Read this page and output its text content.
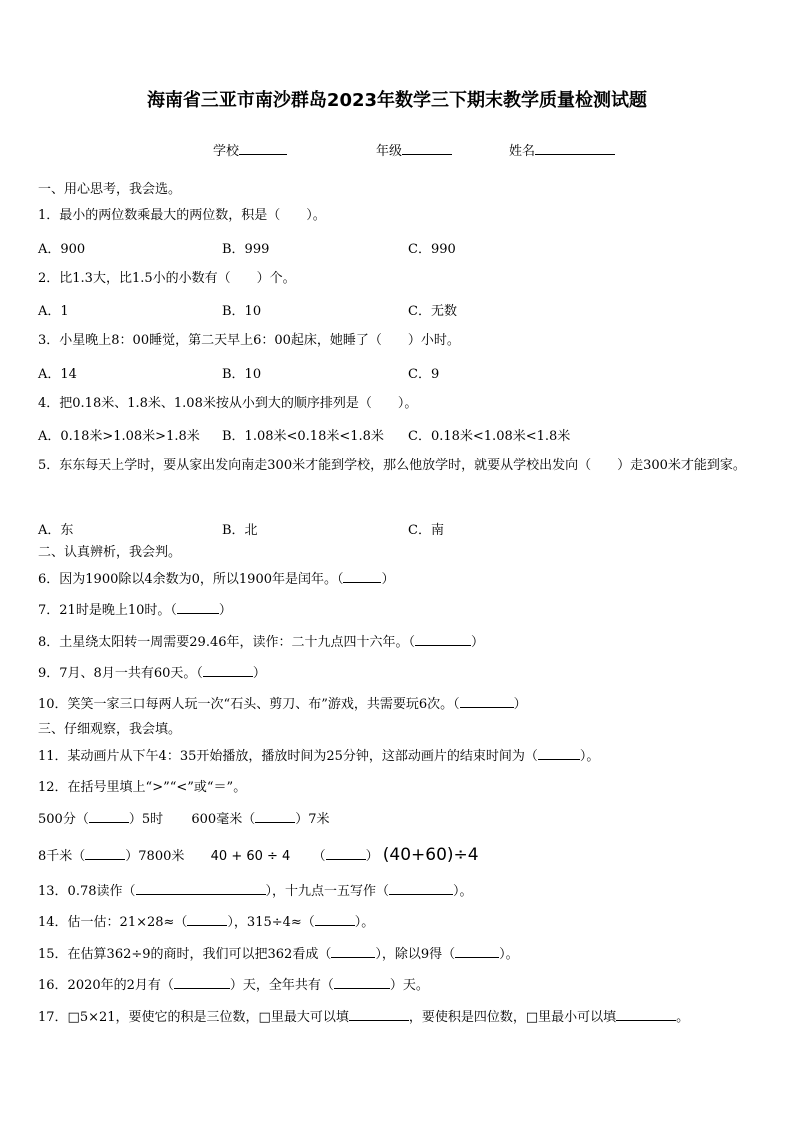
海南省三亚市南沙群岛2023年数学三下期末教学质量检测试题
学校	年级	姓名
一、用心思考，我会选。
1．最小的两位数乘最大的两位数，积是（　　）。
A．900	B．999	C．990
2．比1.3大，比1.5小的小数有（　　）个。
A．1	B．10	C．无数
3．小星晚上8：00睡觉，第二天早上6：00起床，她睡了（　　）小时。
A．14	B．10	C．9
4．把0.18米、1.8米、1.08米按从小到大的顺序排列是（　　）。
A．0.18米>1.08米>1.8米 B．1.08米<0.18米<1.8米 C．0.18米<1.08米<1.8米
5．东东每天上学时，要从家出发向南走300米才能到学校，那么他放学时，就要从学校出发向（　　）走300米才能到家。
A．东	B．北	C．南
二、认真辨析，我会判。
6．因为1900除以4余数为0，所以1900年是闰年。（	）
7．21时是晚上10时。（	）
8．土星绕太阳转一周需要29.46年，读作：二十九点四十六年。（	）
9．7月、8月一共有60天。（	）
10．笑笑一家三口每两人玩一次“石头、剪刀、布”游戏，共需要玩6次。（	）
三、仔细观察，我会填。
11．某动画片从下午4：35开始播放，播放时间为25分钟，这部动画片的结束时间为（	）。
12．在括号里填上“>”“<”或“＝”。
500分（	）5时 600毫米（	）7米
8千米（	）7800米 40 + 60 ÷ 4 （	） (40+60)÷4
13．0.78读作（	），十九点一五写作（	）。
14．估一估：21×28≈（	），315÷4≈（	）。
15．在估算362÷9的商时，我们可以把362看成（	），除以9得（	）。
16．2020年的2月有（	）天，全年共有（	）天。
17．□5×21，要使它的积是三位数，□里最大可以填	，要使积是四位数，□里最小可以填	。
